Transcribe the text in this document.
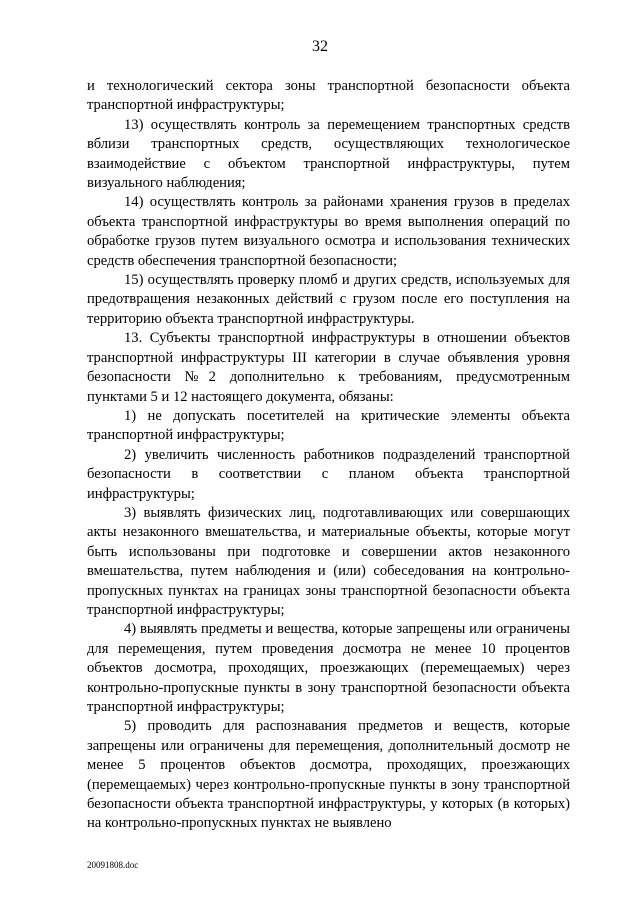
32

и технологический сектора зоны транспортной безопасности объекта транспортной инфраструктуры;

13) осуществлять контроль за перемещением транспортных средств вблизи транспортных средств, осуществляющих технологическое взаимодействие с объектом транспортной инфраструктуры, путем визуального наблюдения;

14) осуществлять контроль за районами хранения грузов в пределах объекта транспортной инфраструктуры во время выполнения операций по обработке грузов путем визуального осмотра и использования технических средств обеспечения транспортной безопасности;

15) осуществлять проверку пломб и других средств, используемых для предотвращения незаконных действий с грузом после его поступления на территорию объекта транспортной инфраструктуры.

13. Субъекты транспортной инфраструктуры в отношении объектов транспортной инфраструктуры III категории в случае объявления уровня безопасности №2 дополнительно к требованиям, предусмотренным пунктами 5 и 12 настоящего документа, обязаны:

1) не допускать посетителей на критические элементы объекта транспортной инфраструктуры;

2) увеличить численность работников подразделений транспортной безопасности в соответствии с планом объекта транспортной инфраструктуры;

3) выявлять физических лиц, подготавливающих или совершающих акты незаконного вмешательства, и материальные объекты, которые могут быть использованы при подготовке и совершении актов незаконного вмешательства, путем наблюдения и (или) собеседования на контрольно-пропускных пунктах на границах зоны транспортной безопасности объекта транспортной инфраструктуры;

4) выявлять предметы и вещества, которые запрещены или ограничены для перемещения, путем проведения досмотра не менее 10 процентов объектов досмотра, проходящих, проезжающих (перемещаемых) через контрольно-пропускные пункты в зону транспортной безопасности объекта транспортной инфраструктуры;

5) проводить для распознавания предметов и веществ, которые запрещены или ограничены для перемещения, дополнительный досмотр не менее 5 процентов объектов досмотра, проходящих, проезжающих (перемещаемых) через контрольно-пропускные пункты в зону транспортной безопасности объекта транспортной инфраструктуры, у которых (в которых) на контрольно-пропускных пунктах не выявлено

20091808.doc
